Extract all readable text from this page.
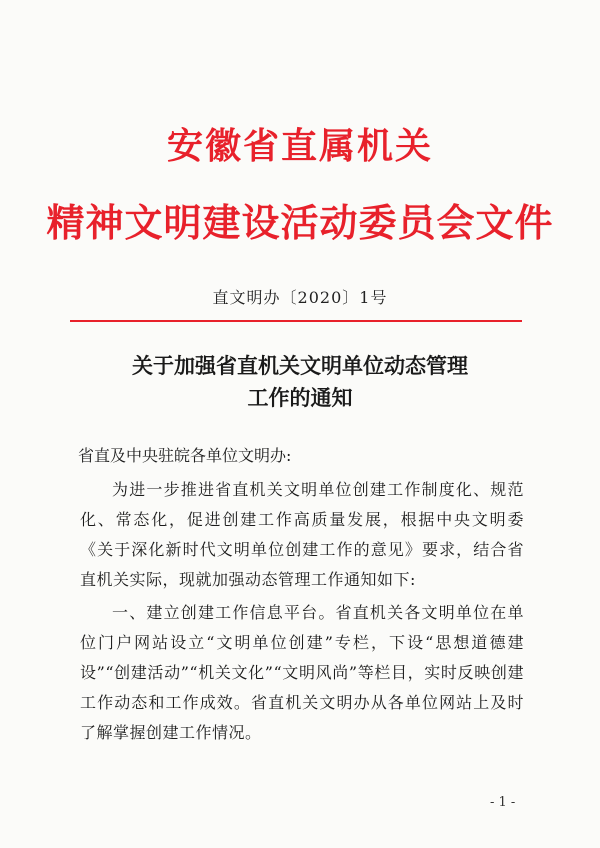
安徽省直属机关
精神文明建设活动委员会文件
直文明办〔2020〕1号
关于加强省直机关文明单位动态管理
工作的通知
省直及中央驻皖各单位文明办:
为进一步推进省直机关文明单位创建工作制度化、规范化、常态化，促进创建工作高质量发展，根据中央文明委《关于深化新时代文明单位创建工作的意见》要求，结合省直机关实际，现就加强动态管理工作通知如下:
一、建立创建工作信息平台。省直机关各文明单位在单位门户网站设立“文明单位创建”专栏，下设“思想道德建设”“创建活动”“机关文化”“文明风尚”等栏目，实时反映创建工作动态和工作成效。省直机关文明办从各单位网站上及时了解掌握创建工作情况。
- 1 -
